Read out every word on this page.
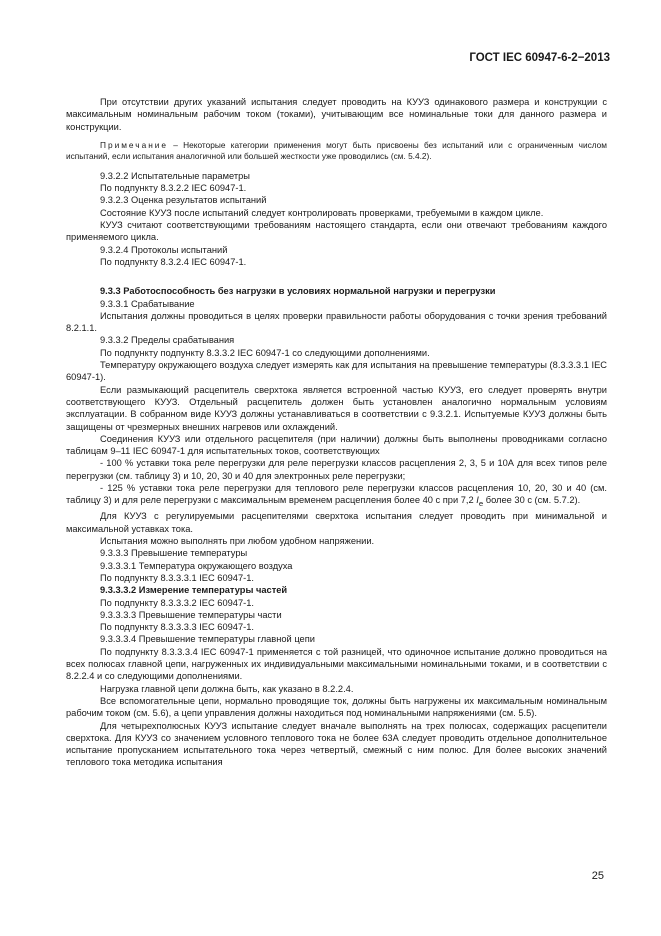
ГОСТ IEC 60947-6-2−2013

При отсутствии других указаний испытания следует проводить на КУУЗ одинакового размера и конструкции с максимальным номинальным рабочим током (токами), учитывающим все номинальные токи для данного размера и конструкции.

Примечание – Некоторые категории применения могут быть присвоены без испытаний или с ограниченным числом испытаний, если испытания аналогичной или большей жесткости уже проводились (см. 5.4.2).

9.3.2.2 Испытательные параметры

По подпункту 8.3.2.2 IEC 60947-1.

9.3.2.3 Оценка результатов испытаний

Состояние КУУЗ после испытаний следует контролировать проверками, требуемыми в каждом цикле.

КУУЗ считают соответствующими требованиям настоящего стандарта, если они отвечают требованиям каждого применяемого цикла.

9.3.2.4 Протоколы испытаний

По подпункту 8.3.2.4 IEC 60947-1.

9.3.3 Работоспособность без нагрузки в условиях нормальной нагрузки и перегрузки

9.3.3.1 Срабатывание

Испытания должны проводиться в целях проверки правильности работы оборудования с точки зрения требований 8.2.1.1.

9.3.3.2 Пределы срабатывания

По подпункту подпункту 8.3.3.2 IEC 60947-1 со следующими дополнениями.

Температуру окружающего воздуха следует измерять как для испытания на превышение температуры (8.3.3.3.1 IEC 60947-1).

Если размыкающий расцепитель сверхтока является встроенной частью КУУЗ, его следует проверять внутри соответствующего КУУЗ. Отдельный расцепитель должен быть установлен аналогично нормальным условиям эксплуатации. В собранном виде КУУЗ должны устанавливаться в соответствии с 9.3.2.1. Испытуемые КУУЗ должны быть защищены от чрезмерных внешних нагревов или охлаждений.

Соединения КУУЗ или отдельного расцепителя (при наличии) должны быть выполнены проводниками согласно таблицам 9–11 IEC 60947-1 для испытательных токов, соответствующих

- 100 % уставки тока реле перегрузки для реле перегрузки классов расцепления 2, 3, 5 и 10А для всех типов реле перегрузки (см. таблицу 3) и 10, 20, 30 и 40 для электронных реле перегрузки;

- 125 % уставки тока реле перегрузки для теплового реле перегрузки классов расцепления 10, 20, 30 и 40 (см. таблицу 3) и для реле перегрузки с максимальным временем расцепления более 40 с при 7,2 $I_e$ более 30 с (см. 5.7.2).

Для КУУЗ с регулируемыми расцепителями сверхтока испытания следует проводить при минимальной и максимальной уставках тока.

Испытания можно выполнять при любом удобном напряжении.

9.3.3.3 Превышение температуры

9.3.3.3.1 Температура окружающего воздуха

По подпункту 8.3.3.3.1 IEC 60947-1.

9.3.3.3.2 Измерение температуры частей

По подпункту 8.3.3.3.2 IEC 60947-1.

9.3.3.3.3 Превышение температуры части

По подпункту 8.3.3.3.3 IEC 60947-1.

9.3.3.3.4 Превышение температуры главной цепи

По подпункту 8.3.3.3.4 IEC 60947-1 применяется с той разницей, что одиночное испытание должно проводиться на всех полюсах главной цепи, нагруженных их индивидуальными максимальными номинальными токами, и в соответствии с 8.2.2.4 и со следующими дополнениями.

Нагрузка главной цепи должна быть, как указано в 8.2.2.4.

Все вспомогательные цепи, нормально проводящие ток, должны быть нагружены их максимальным номинальным рабочим током (см. 5.6), а цепи управления должны находиться под номинальными напряжениями (см. 5.5).

Для четырехполюсных КУУЗ испытание следует вначале выполнять на трех полюсах, содержащих расцепители сверхтока. Для КУУЗ со значением условного теплового тока не более 63А следует проводить отдельное дополнительное испытание пропусканием испытательного тока через четвертый, смежный с ним полюс. Для более высоких значений теплового тока методика испытания

25
